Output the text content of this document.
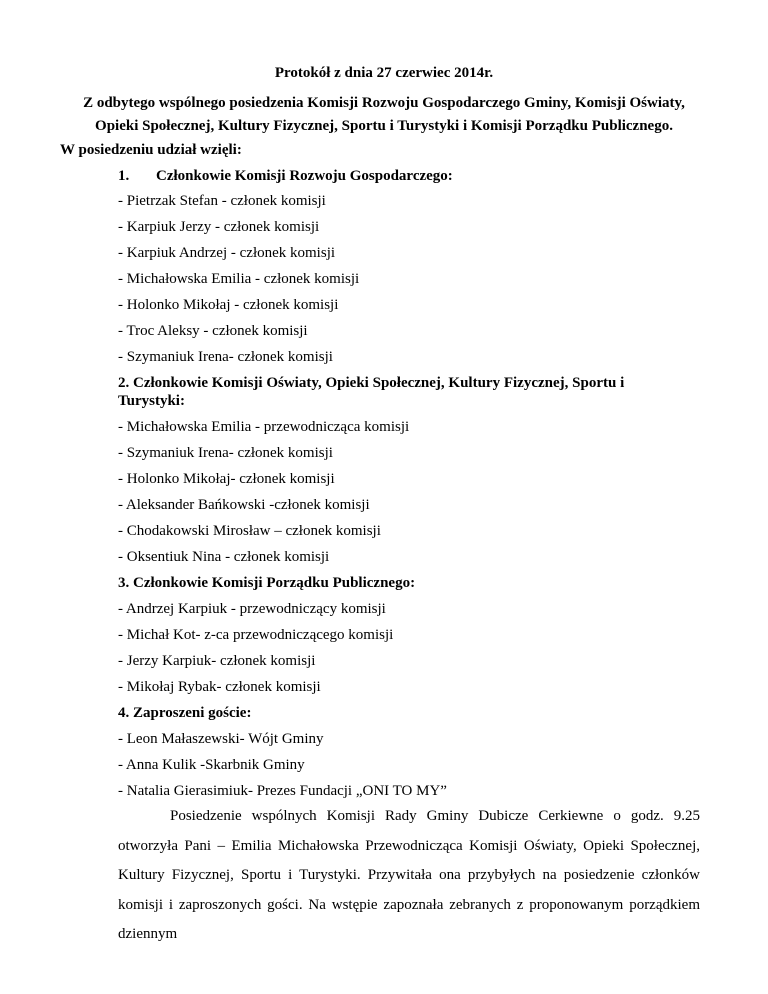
Protokół z dnia 27 czerwiec 2014r.
Z odbytego wspólnego posiedzenia Komisji Rozwoju Gospodarczego Gminy, Komisji Oświaty, Opieki Społecznej, Kultury Fizycznej, Sportu i Turystyki i Komisji Porządku Publicznego.
W posiedzeniu udział wzięli:
1. Członkowie Komisji Rozwoju Gospodarczego:
- Pietrzak Stefan - członek komisji
- Karpiuk Jerzy - członek komisji
- Karpiuk Andrzej - członek komisji
- Michałowska Emilia - członek komisji
- Holonko Mikołaj - członek komisji
- Troc Aleksy - członek komisji
- Szymaniuk Irena- członek komisji
2. Członkowie Komisji Oświaty, Opieki Społecznej, Kultury Fizycznej, Sportu i
Turystyki:
- Michałowska Emilia - przewodnicząca komisji
- Szymaniuk Irena- członek komisji
- Holonko Mikołaj- członek komisji
- Aleksander Bańkowski -członek komisji
- Chodakowski Mirosław – członek komisji
- Oksentiuk Nina - członek komisji
3. Członkowie Komisji Porządku Publicznego:
- Andrzej Karpiuk - przewodniczący komisji
- Michał Kot- z-ca przewodniczącego komisji
- Jerzy Karpiuk- członek komisji
- Mikołaj Rybak- członek komisji
4. Zaproszeni goście:
- Leon Małaszewski- Wójt Gminy
- Anna Kulik -Skarbnik Gminy
- Natalia Gierasimiuk- Prezes Fundacji „ONI TO MY”
Posiedzenie wspólnych Komisji Rady Gminy Dubicze Cerkiewne o godz. 9.25 otworzyła Pani – Emilia Michałowska Przewodnicząca Komisji Oświaty, Opieki Społecznej, Kultury Fizycznej, Sportu i Turystyki. Przywitała ona przybyłych na posiedzenie członków komisji i zaproszonych gości. Na wstępie zapoznała zebranych z proponowanym porządkiem dziennym
